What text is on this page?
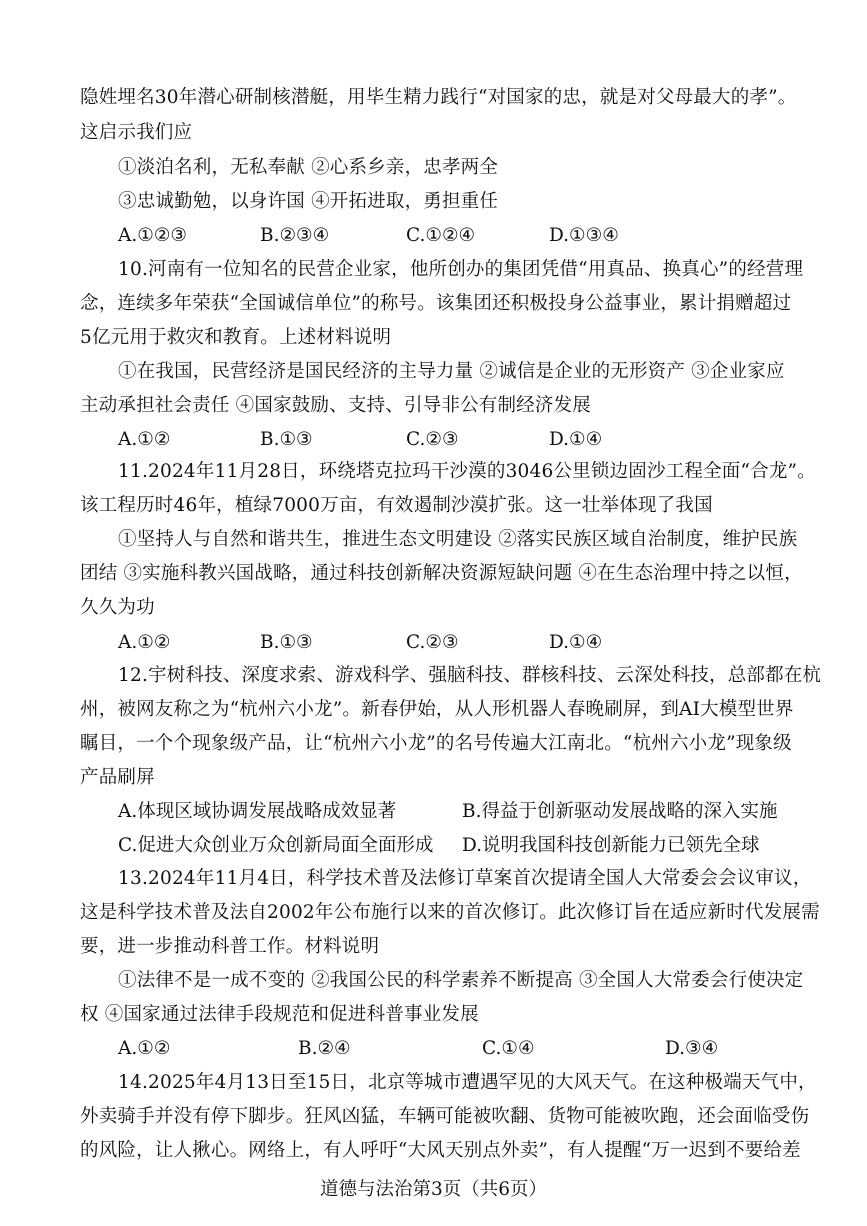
隐姓埋名30年潜心研制核潜艇，用毕生精力践行“对国家的忠，就是对父母最大的孝”。
这启示我们应
①淡泊名利，无私奉献 ②心系乡亲，忠孝两全
③忠诚勤勉，以身许国 ④开拓进取，勇担重任
A.①②③	B.②③④	C.①②④	D.①③④
10.河南有一位知名的民营企业家，他所创办的集团凭借“用真品、换真心”的经营理
念，连续多年荣获“全国诚信单位”的称号。该集团还积极投身公益事业，累计捐赠超过
5亿元用于救灾和教育。上述材料说明
①在我国，民营经济是国民经济的主导力量 ②诚信是企业的无形资产 ③企业家应
主动承担社会责任 ④国家鼓励、支持、引导非公有制经济发展
A.①②	B.①③	C.②③	D.①④
11.2024年11月28日，环绕塔克拉玛干沙漠的3046公里锁边固沙工程全面“合龙”。
该工程历时46年，植绿7000万亩，有效遏制沙漠扩张。这一壮举体现了我国
①坚持人与自然和谐共生，推进生态文明建设 ②落实民族区域自治制度，维护民族
团结 ③实施科教兴国战略，通过科技创新解决资源短缺问题 ④在生态治理中持之以恒，
久久为功
A.①②	B.①③	C.②③	D.①④
12.宇树科技、深度求索、游戏科学、强脑科技、群核科技、云深处科技，总部都在杭
州，被网友称之为“杭州六小龙”。新春伊始，从人形机器人春晚刷屏，到AI大模型世界
瞩目，一个个现象级产品，让“杭州六小龙”的名号传遍大江南北。“杭州六小龙”现象级
产品刷屏
A.体现区域协调发展战略成效显著	B.得益于创新驱动发展战略的深入实施
C.促进大众创业万众创新局面全面形成 D.说明我国科技创新能力已领先全球
13.2024年11月4日，科学技术普及法修订草案首次提请全国人大常委会会议审议，
这是科学技术普及法自2002年公布施行以来的首次修订。此次修订旨在适应新时代发展需
要，进一步推动科普工作。材料说明
①法律不是一成不变的 ②我国公民的科学素养不断提高 ③全国人大常委会行使决定
权 ④国家通过法律手段规范和促进科普事业发展
A.①②	B.②④	C.①④	D.③④
14.2025年4月13日至15日，北京等城市遭遇罕见的大风天气。在这种极端天气中，
外卖骑手并没有停下脚步。狂风凶猛，车辆可能被吹翻、货物可能被吹跑，还会面临受伤
的风险，让人揪心。网络上，有人呼吁“大风天别点外卖”，有人提醒“万一迟到不要给差
道德与法治第3页（共6页）
